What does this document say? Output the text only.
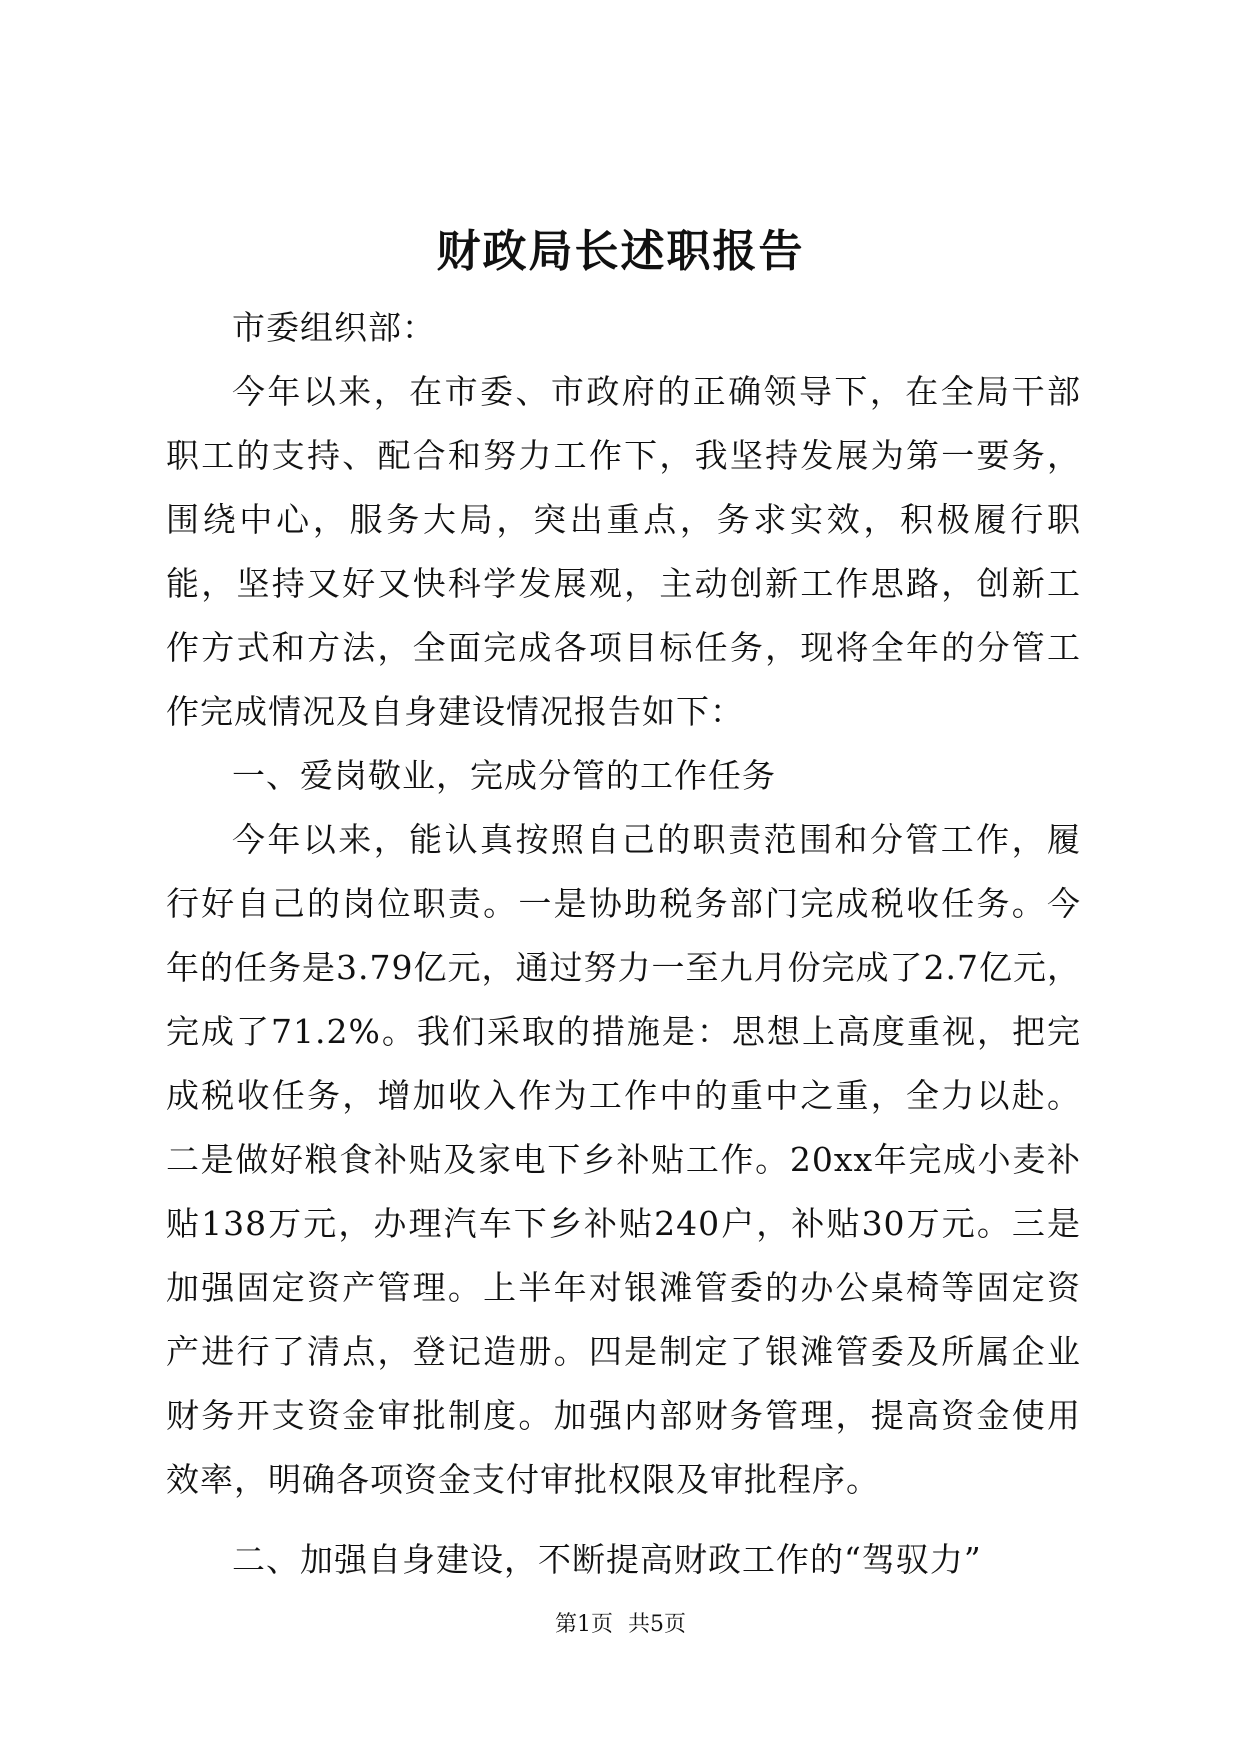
财政局长述职报告

市委组织部：

今年以来，在市委、市政府的正确领导下，在全局干部职工的支持、配合和努力工作下，我坚持发展为第一要务，围绕中心，服务大局，突出重点，务求实效，积极履行职能，坚持又好又快科学发展观，主动创新工作思路，创新工作方式和方法，全面完成各项目标任务，现将全年的分管工作完成情况及自身建设情况报告如下：

一、爱岗敬业，完成分管的工作任务

今年以来，能认真按照自己的职责范围和分管工作，履行好自己的岗位职责。一是协助税务部门完成税收任务。今年的任务是3.79亿元，通过努力一至九月份完成了2.7亿元，完成了71.2%。我们采取的措施是：思想上高度重视，把完成税收任务，增加收入作为工作中的重中之重，全力以赴。二是做好粮食补贴及家电下乡补贴工作。20xx年完成小麦补贴138万元，办理汽车下乡补贴240户，补贴30万元。三是加强固定资产管理。上半年对银滩管委的办公桌椅等固定资产进行了清点，登记造册。四是制定了银滩管委及所属企业财务开支资金审批制度。加强内部财务管理，提高资金使用效率，明确各项资金支付审批权限及审批程序。

二、加强自身建设，不断提高财政工作的“驾驭力”

第1页 共5页
